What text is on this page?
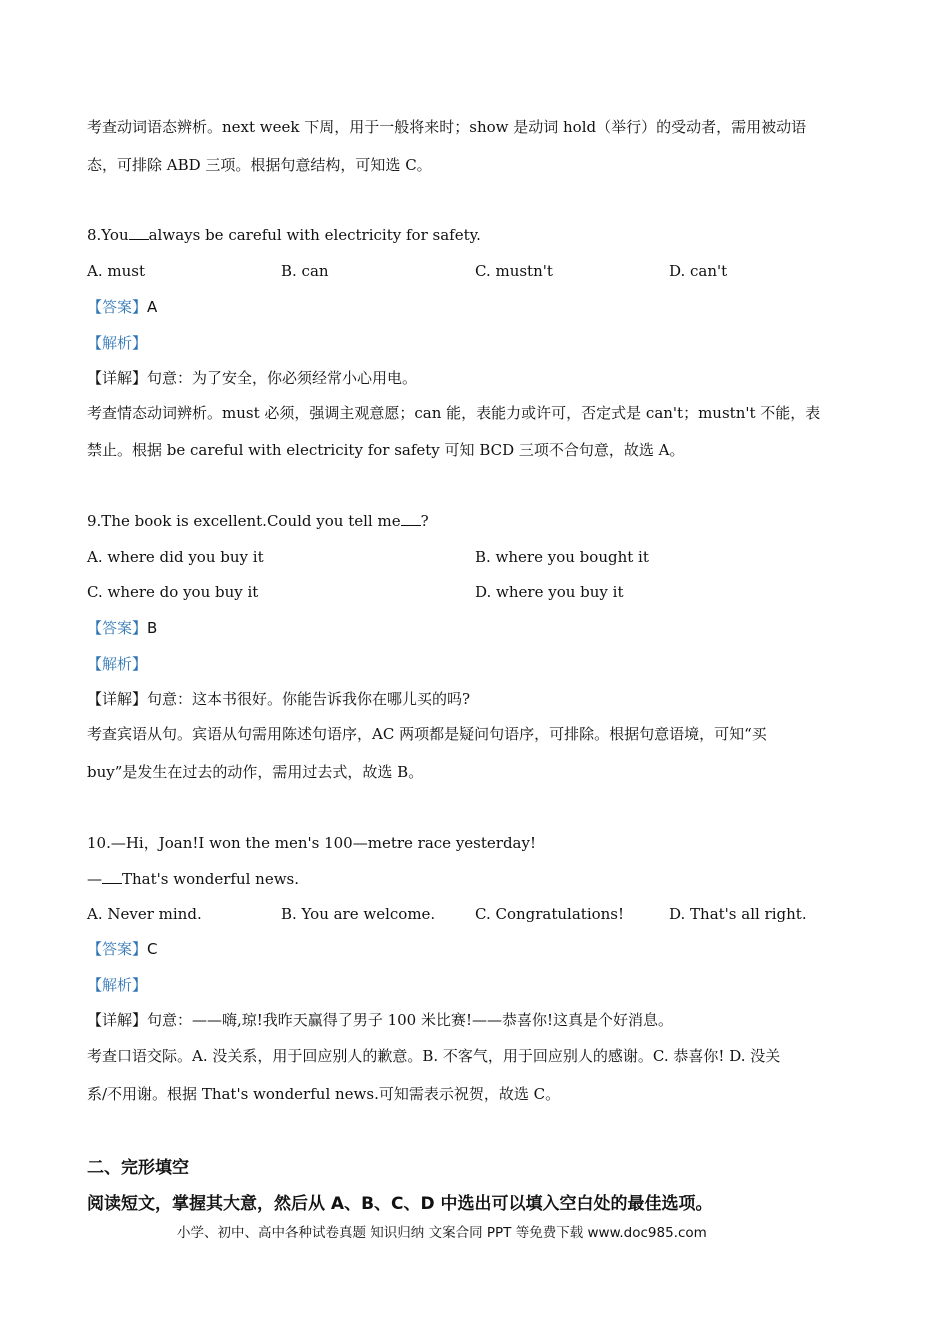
考查动词语态辨析。next week 下周，用于一般将来时；show 是动词 hold（举行）的受动者，需用被动语
态，可排除 ABD 三项。根据句意结构，可知选 C。
8.You always be careful with electricity for safety.
A. must	B. can	C. mustn't	D. can't
【答案】A
【解析】
【详解】句意：为了安全，你必须经常小心用电。
考查情态动词辨析。must 必须，强调主观意愿；can 能，表能力或许可，否定式是 can't；mustn't 不能，表
禁止。根据 be careful with electricity for safety 可知 BCD 三项不合句意，故选 A。
9.The book is excellent.Could you tell me ?
A. where did you buy it	B. where you bought it
C. where do you buy it	D. where you buy it
【答案】B
【解析】
【详解】句意：这本书很好。你能告诉我你在哪儿买的吗?
考查宾语从句。宾语从句需用陈述句语序，AC 两项都是疑问句语序，可排除。根据句意语境，可知“买
buy”是发生在过去的动作，需用过去式，故选 B。
10.—Hi，Joan!I won the men's 100—metre race yesterday!
— That's wonderful news.
A. Never mind.	B. You are welcome.	C. Congratulations!	D. That's all right.
【答案】C
【解析】
【详解】句意：——嗨,琼!我昨天赢得了男子 100 米比赛!——恭喜你!这真是个好消息。
考查口语交际。A. 没关系，用于回应别人的歉意。B. 不客气，用于回应别人的感谢。C. 恭喜你! D. 没关
系/不用谢。根据 That's wonderful news.可知需表示祝贺，故选 C。
二、完形填空
阅读短文，掌握其大意，然后从 A、B、C、D 中选出可以填入空白处的最佳选项。
小学、初中、高中各种试卷真题 知识归纳 文案合同 PPT 等免费下载 www.doc985.com
